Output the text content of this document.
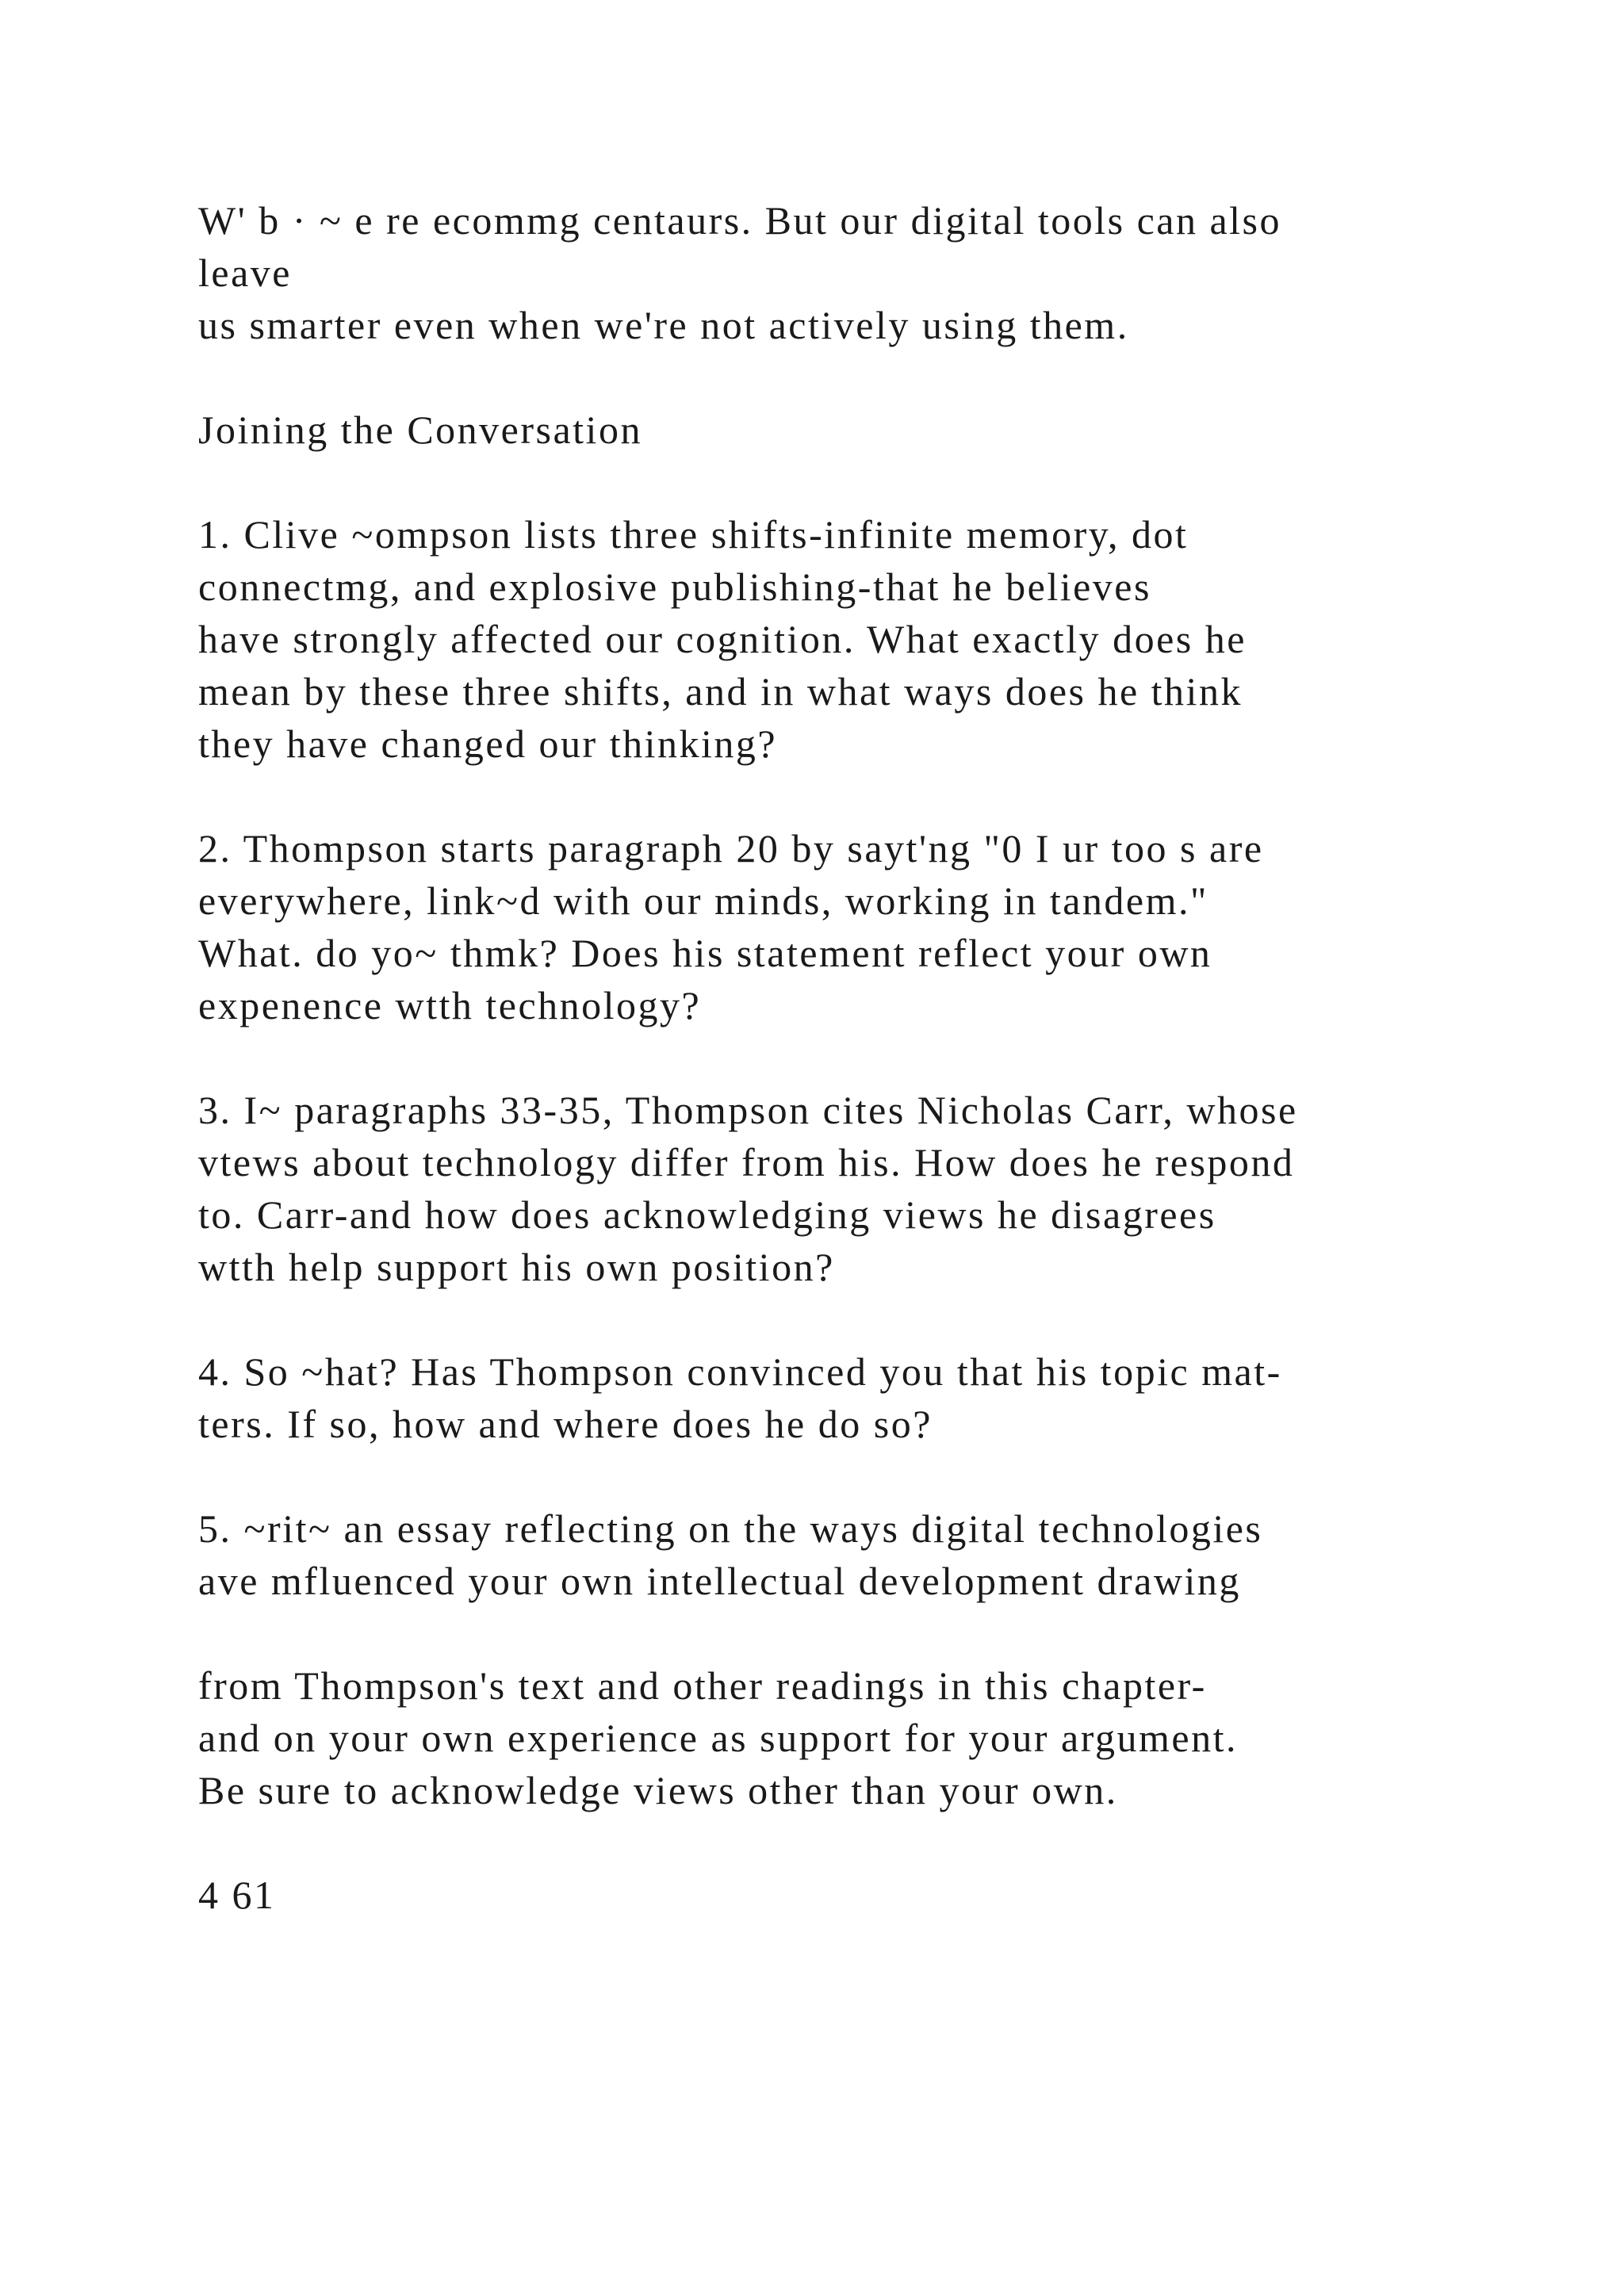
W' b · ~ e re ecommg centaurs. But our digital tools can also
leave
us smarter even when we're not actively using them.
Joining the Conversation
1. Clive ~ompson lists three shifts-infinite memory, dot
connectmg, and explosive publishing-that he believes
have strongly affected our cognition. What exactly does he
mean by these three shifts, and in what ways does he think
they have changed our thinking?
2. Thompson starts paragraph 20 by sayt'ng "0 I ur too s are
everywhere, link~d with our minds, working in tandem."
What. do yo~ thmk? Does his statement reflect your own
expenence wtth technology?
3. I~ paragraphs 33-35, Thompson cites Nicholas Carr, whose
vtews about technology differ from his. How does he respond
to. Carr-and how does acknowledging views he disagrees
wtth help support his own position?
4. So ~hat? Has Thompson convinced you that his topic mat-
ters. If so, how and where does he do so?
5. ~rit~ an essay reflecting on the ways digital technologies
ave mfluenced your own intellectual development drawing
from Thompson's text and other readings in this chapter-
and on your own experience as support for your argument.
Be sure to acknowledge views other than your own.
4 61
